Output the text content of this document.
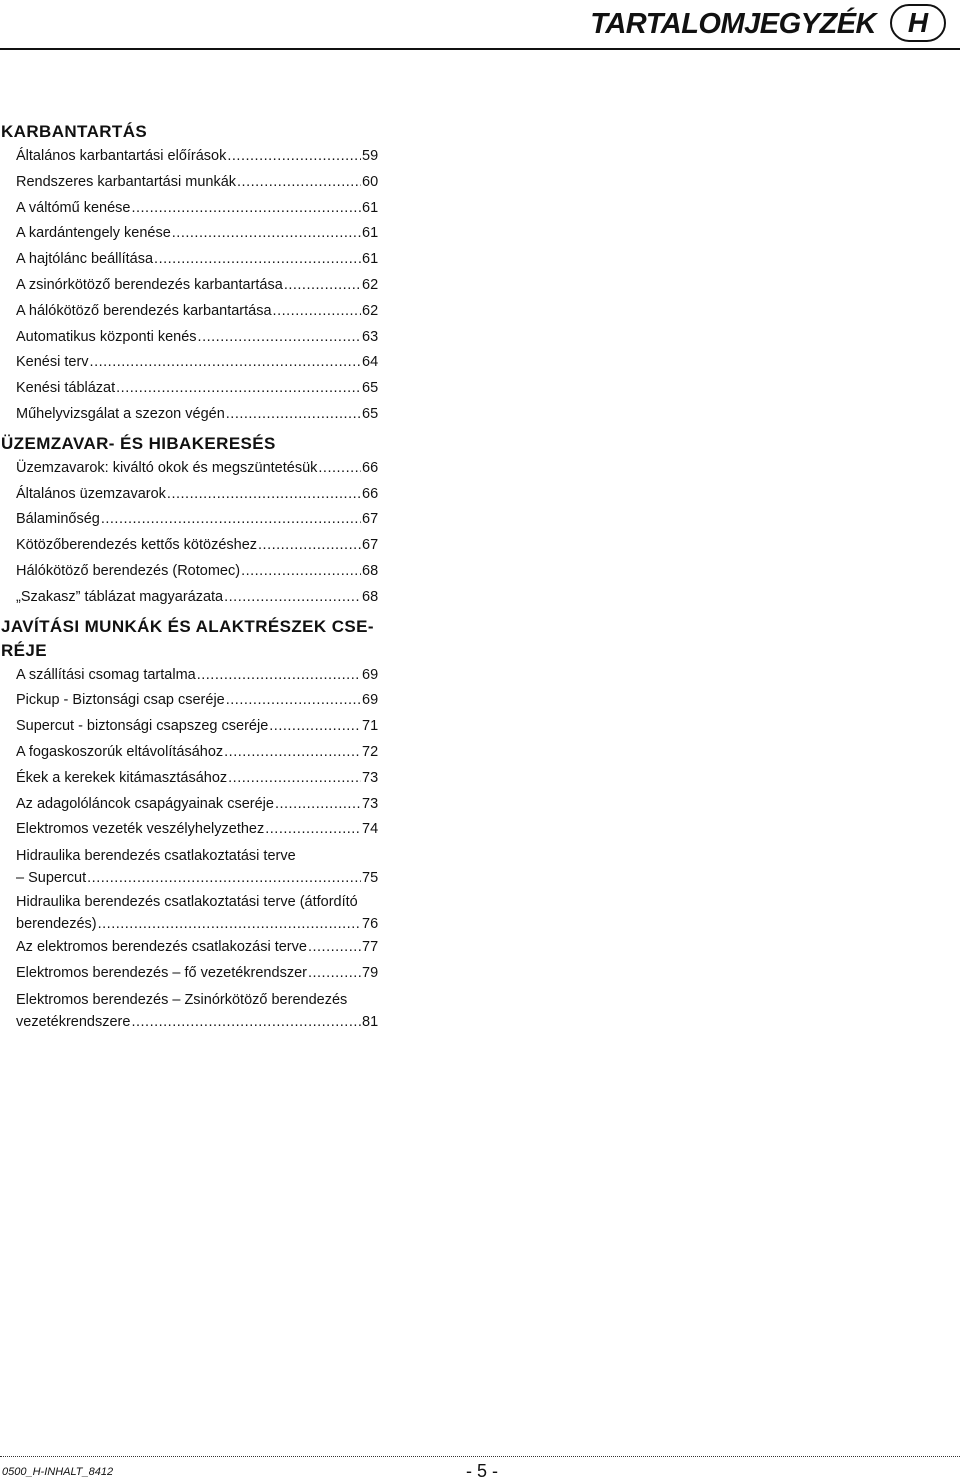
TARTALOMJEGYZÉK	H
KARBANTARTÁS
Általános karbantartási előírások .....	59
Rendszeres karbantartási munkák .....	60
A váltómű kenése .....	61
A kardántengely kenése .....	61
A hajtólánc beállítása .....	61
A zsinórkötöző berendezés karbantartása .....	62
A hálókötöző berendezés karbantartása .....	62
Automatikus központi kenés .....	63
Kenési terv .....	64
Kenési táblázat .....	65
Műhelyvizsgálat a szezon végén .....	65
ÜZEMZAVAR- ÉS HIBAKERESÉS
Üzemzavarok: kiváltó okok és megszüntetésük .....	66
Általános üzemzavarok .....	66
Bálaminőség .....	67
Kötözőberendezés kettős kötözéshez .....	67
Hálókötöző berendezés (Rotomec) .....	68
„Szakasz” táblázat magyarázata .....	68
JAVÍTÁSI MUNKÁK ÉS ALAKTRÉSZEK CSE-
RÉJE
A szállítási csomag tartalma .....	69
Pickup - Biztonsági csap cseréje .....	69
Supercut - biztonsági csapszeg cseréje .....	71
A fogaskoszorúk eltávolításához .....	72
Ékek a kerekek kitámasztásához .....	73
Az adagolóláncok csapágyainak cseréje .....	73
Elektromos vezeték veszélyhelyzethez .....	74
Hidraulika berendezés csatlakoztatási terve
– Supercut .....	75
Hidraulika berendezés csatlakoztatási terve (átfordító
berendezés) .....	76
Az elektromos berendezés csatlakozási terve .....	77
Elektromos berendezés – fő vezetékrendszer .....	79
Elektromos berendezés – Zsinórkötöző berendezés
vezetékrendszere .....	81
0500_H-INHALT_8412	- 5 -
